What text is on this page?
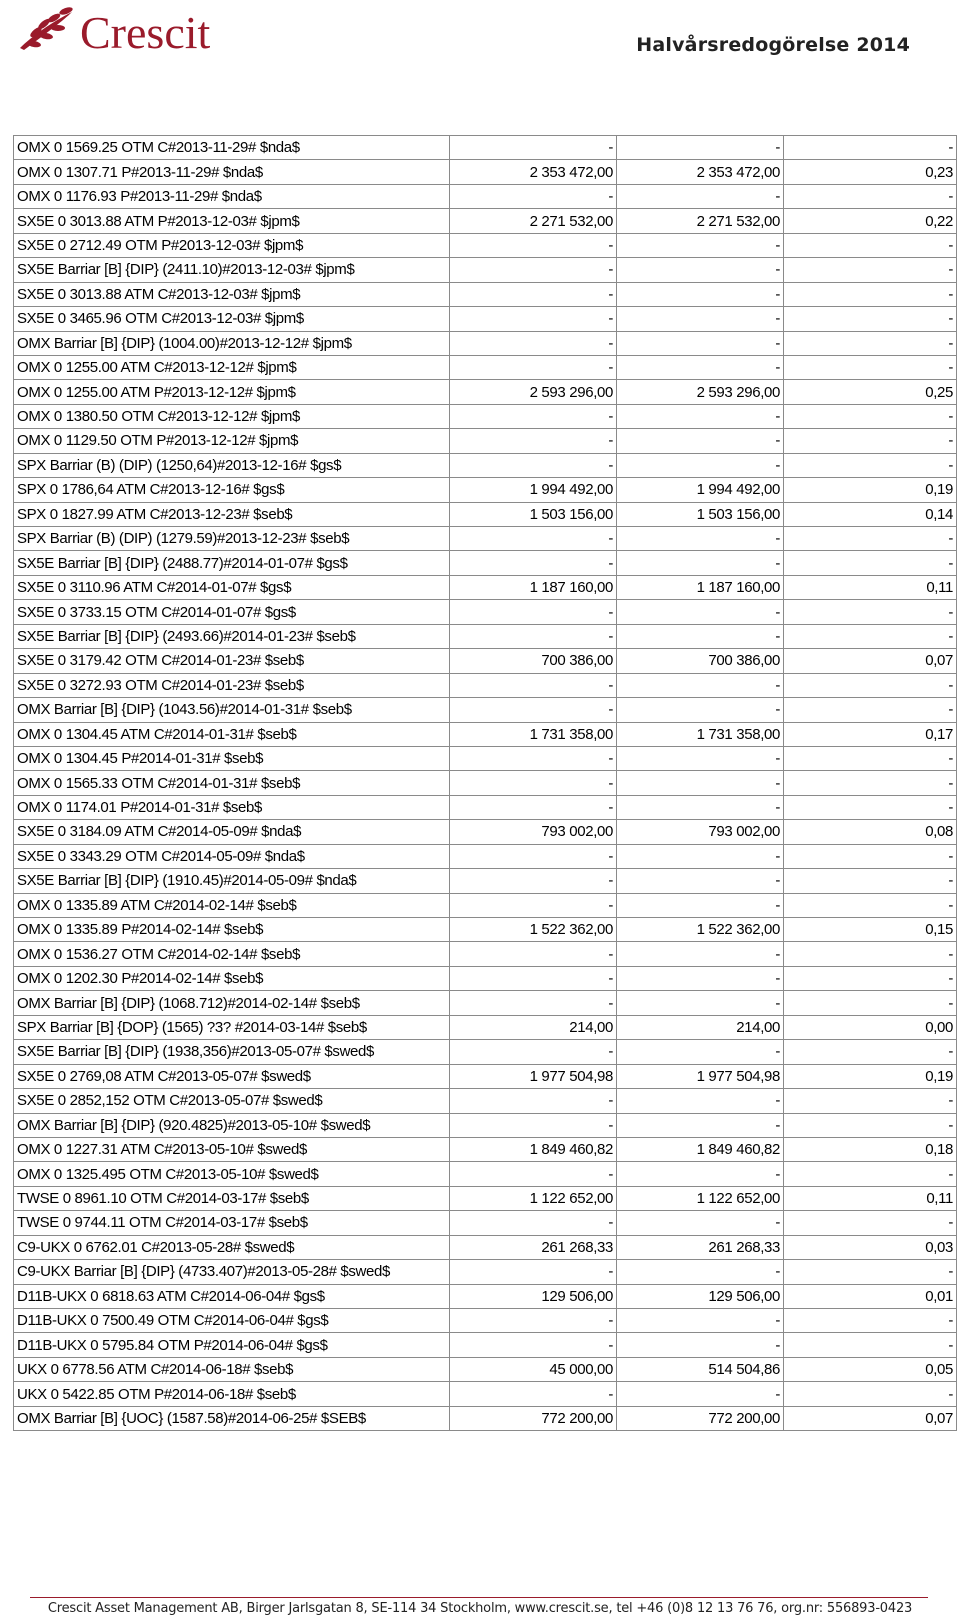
Crescit	Halvårsredogörelse 2014
OMX 0 1569.25 OTM C#2013-11-29# $nda$	-	-	-
OMX 0 1307.71 P#2013-11-29# $nda$	2 353 472,00	2 353 472,00	0,23
OMX 0 1176.93 P#2013-11-29# $nda$	-	-	-
SX5E 0 3013.88 ATM P#2013-12-03# $jpm$	2 271 532,00	2 271 532,00	0,22
SX5E 0 2712.49 OTM P#2013-12-03# $jpm$	-	-	-
SX5E Barriar [B] {DIP} (2411.10)#2013-12-03# $jpm$	-	-	-
SX5E 0 3013.88 ATM C#2013-12-03# $jpm$	-	-	-
SX5E 0 3465.96 OTM C#2013-12-03# $jpm$	-	-	-
OMX Barriar [B] {DIP} (1004.00)#2013-12-12# $jpm$	-	-	-
OMX 0 1255.00 ATM C#2013-12-12# $jpm$	-	-	-
OMX 0 1255.00 ATM P#2013-12-12# $jpm$	2 593 296,00	2 593 296,00	0,25
OMX 0 1380.50 OTM C#2013-12-12# $jpm$	-	-	-
OMX 0 1129.50 OTM P#2013-12-12# $jpm$	-	-	-
SPX Barriar (B) (DIP) (1250,64)#2013-12-16# $gs$	-	-	-
SPX 0 1786,64 ATM C#2013-12-16# $gs$	1 994 492,00	1 994 492,00	0,19
SPX 0 1827.99 ATM C#2013-12-23# $seb$	1 503 156,00	1 503 156,00	0,14
SPX Barriar (B) (DIP) (1279.59)#2013-12-23# $seb$	-	-	-
SX5E Barriar [B] {DIP} (2488.77)#2014-01-07# $gs$	-	-	-
SX5E 0 3110.96 ATM C#2014-01-07# $gs$	1 187 160,00	1 187 160,00	0,11
SX5E 0 3733.15 OTM C#2014-01-07# $gs$	-	-	-
SX5E Barriar [B] {DIP} (2493.66)#2014-01-23# $seb$	-	-	-
SX5E 0 3179.42 OTM C#2014-01-23# $seb$	700 386,00	700 386,00	0,07
SX5E 0 3272.93 OTM C#2014-01-23# $seb$	-	-	-
OMX Barriar [B] {DIP} (1043.56)#2014-01-31# $seb$	-	-	-
OMX 0 1304.45 ATM C#2014-01-31# $seb$	1 731 358,00	1 731 358,00	0,17
OMX 0 1304.45 P#2014-01-31# $seb$	-	-	-
OMX 0 1565.33 OTM C#2014-01-31# $seb$	-	-	-
OMX 0 1174.01 P#2014-01-31# $seb$	-	-	-
SX5E 0 3184.09 ATM C#2014-05-09# $nda$	793 002,00	793 002,00	0,08
SX5E 0 3343.29 OTM C#2014-05-09# $nda$	-	-	-
SX5E Barriar [B] {DIP} (1910.45)#2014-05-09# $nda$	-	-	-
OMX 0 1335.89 ATM C#2014-02-14# $seb$	-	-	-
OMX 0 1335.89 P#2014-02-14# $seb$	1 522 362,00	1 522 362,00	0,15
OMX 0 1536.27 OTM C#2014-02-14# $seb$	-	-	-
OMX 0 1202.30 P#2014-02-14# $seb$	-	-	-
OMX Barriar [B] {DIP} (1068.712)#2014-02-14# $seb$	-	-	-
SPX Barriar [B] {DOP} (1565) ?3? #2014-03-14# $seb$	214,00	214,00	0,00
SX5E Barriar [B] {DIP} (1938,356)#2013-05-07# $swed$	-	-	-
SX5E 0 2769,08 ATM C#2013-05-07# $swed$	1 977 504,98	1 977 504,98	0,19
SX5E 0 2852,152 OTM C#2013-05-07# $swed$	-	-	-
OMX Barriar [B] {DIP} (920.4825)#2013-05-10# $swed$	-	-	-
OMX 0 1227.31 ATM C#2013-05-10# $swed$	1 849 460,82	1 849 460,82	0,18
OMX 0 1325.495 OTM C#2013-05-10# $swed$	-	-	-
TWSE 0 8961.10 OTM C#2014-03-17# $seb$	1 122 652,00	1 122 652,00	0,11
TWSE 0 9744.11 OTM C#2014-03-17# $seb$	-	-	-
C9-UKX 0 6762.01 C#2013-05-28# $swed$	261 268,33	261 268,33	0,03
C9-UKX Barriar [B] {DIP} (4733.407)#2013-05-28# $swed$	-	-	-
D11B-UKX 0 6818.63 ATM C#2014-06-04# $gs$	129 506,00	129 506,00	0,01
D11B-UKX 0 7500.49 OTM C#2014-06-04# $gs$	-	-	-
D11B-UKX 0 5795.84 OTM P#2014-06-04# $gs$	-	-	-
UKX 0 6778.56 ATM C#2014-06-18# $seb$	45 000,00	514 504,86	0,05
UKX 0 5422.85 OTM P#2014-06-18# $seb$	-	-	-
OMX Barriar [B] {UOC} (1587.58)#2014-06-25# $SEB$	772 200,00	772 200,00	0,07
Crescit Asset Management AB, Birger Jarlsgatan 8, SE-114 34 Stockholm, www.crescit.se, tel +46 (0)8 12 13 76 76, org.nr: 556893-0423
